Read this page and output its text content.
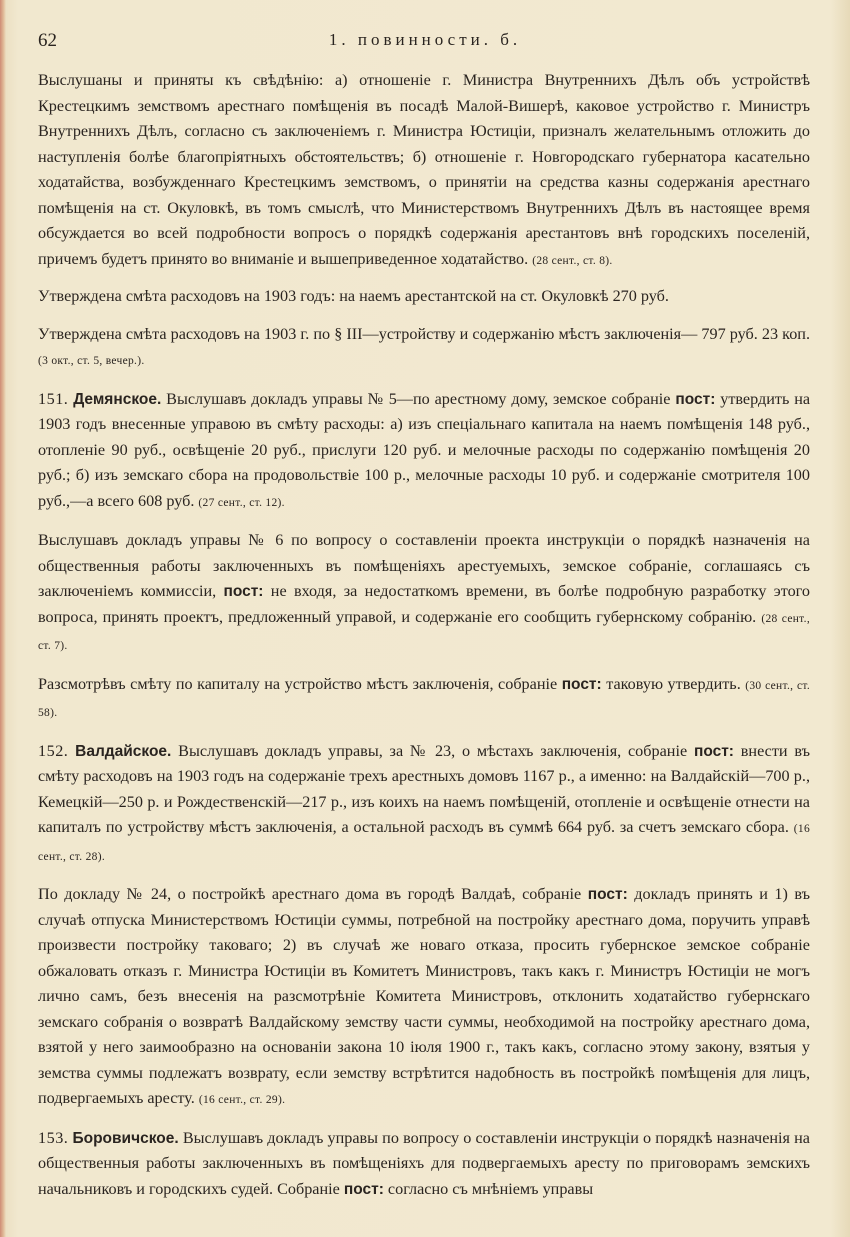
62	1. повинности. б.

Выслушаны и приняты къ свѣдѣнію: а) отношеніе г. Министра Внутреннихъ Дѣлъ объ устройствѣ Крестецкимъ земствомъ арестнаго помѣщенія въ посадѣ Малой-Вишерѣ, каковое устройство г. Министръ Внутреннихъ Дѣлъ, согласно съ заключеніемъ г. Министра Юстиціи, призналъ желательнымъ отложить до наступленія болѣе благопріятныхъ обстоятельствъ; б) отношеніе г. Новгородскаго губернатора касательно ходатайства, возбужденнаго Крестецкимъ земствомъ, о принятіи на средства казны содержанія арестнаго помѣщенія на ст. Окуловкѣ, въ томъ смыслѣ, что Министерствомъ Внутреннихъ Дѣлъ въ настоящее время обсуждается во всей подробности вопросъ о порядкѣ содержанія арестантовъ внѣ городскихъ поселеній, причемъ будетъ принято во вниманіе и вышеприведенное ходатайство. (28 сент., ст. 8).

Утверждена смѣта расходовъ на 1903 годъ: на наемъ арестантской на ст. Окуловкѣ 270 руб.

Утверждена смѣта расходовъ на 1903 г. по § III—устройству и содержанію мѣстъ заключенія— 797 руб. 23 коп. (3 окт., ст. 5, вечер.).

151. Демянское. Выслушавъ докладъ управы № 5—по арестному дому, земское собраніе пост: утвердить на 1903 годъ внесенные управою въ смѣту расходы: а) изъ спеціальнаго капитала на наемъ помѣщенія 148 руб., отопленіе 90 руб., освѣщеніе 20 руб., прислуги 120 руб. и мелочные расходы по содержанію помѣщенія 20 руб.; б) изъ земскаго сбора на продовольствіе 100 р., мелочные расходы 10 руб. и содержаніе смотрителя 100 руб.,—а всего 608 руб. (27 сент., ст. 12).

Выслушавъ докладъ управы № 6 по вопросу о составленіи проекта инструкціи о порядкѣ назначенія на общественныя работы заключенныхъ въ помѣщеніяхъ арестуемыхъ, земское собраніе, соглашаясь съ заключеніемъ коммиссіи, пост: не входя, за недостаткомъ времени, въ болѣе подробную разработку этого вопроса, принять проектъ, предложенный управой, и содержаніе его сообщить губернскому собранію. (28 сент., ст. 7).

Разсмотрѣвъ смѣту по капиталу на устройство мѣстъ заключенія, собраніе пост: таковую утвердить. (30 сент., ст. 58).

152. Валдайское. Выслушавъ докладъ управы, за № 23, о мѣстахъ заключенія, собраніе пост: внести въ смѣту расходовъ на 1903 годъ на содержаніе трехъ арестныхъ домовъ 1167 р., а именно: на Валдайскій—700 р., Кемецкій—250 р. и Рождественскій—217 р., изъ коихъ на наемъ помѣщеній, отопленіе и освѣщеніе отнести на капиталъ по устройству мѣстъ заключенія, а остальной расходъ въ суммѣ 664 руб. за счетъ земскаго сбора. (16 сент., ст. 28).

По докладу № 24, о постройкѣ арестнаго дома въ городѣ Валдаѣ, собраніе пост: докладъ принять и 1) въ случаѣ отпуска Министерствомъ Юстиціи суммы, потребной на постройку арестнаго дома, поручить управѣ произвести постройку таковаго; 2) въ случаѣ же новаго отказа, просить губернское земское собраніе обжаловать отказъ г. Министра Юстиціи въ Комитетъ Министровъ, такъ какъ г. Министръ Юстиціи не могъ лично самъ, безъ внесенія на разсмотрѣніе Комитета Министровъ, отклонить ходатайство губернскаго земскаго собранія о возвратѣ Валдайскому земству части суммы, необходимой на постройку арестнаго дома, взятой у него заимообразно на основаніи закона 10 іюля 1900 г., такъ какъ, согласно этому закону, взятыя у земства суммы подлежатъ возврату, если земству встрѣтится надобность въ постройкѣ помѣщенія для лицъ, подвергаемыхъ аресту. (16 сент., ст. 29).

153. Боровичское. Выслушавъ докладъ управы по вопросу о составленіи инструкціи о порядкѣ назначенія на общественныя работы заключенныхъ въ помѣщеніяхъ для подвергаемыхъ аресту по приговорамъ земскихъ начальниковъ и городскихъ судей. Собраніе пост: согласно съ мнѣніемъ управы
